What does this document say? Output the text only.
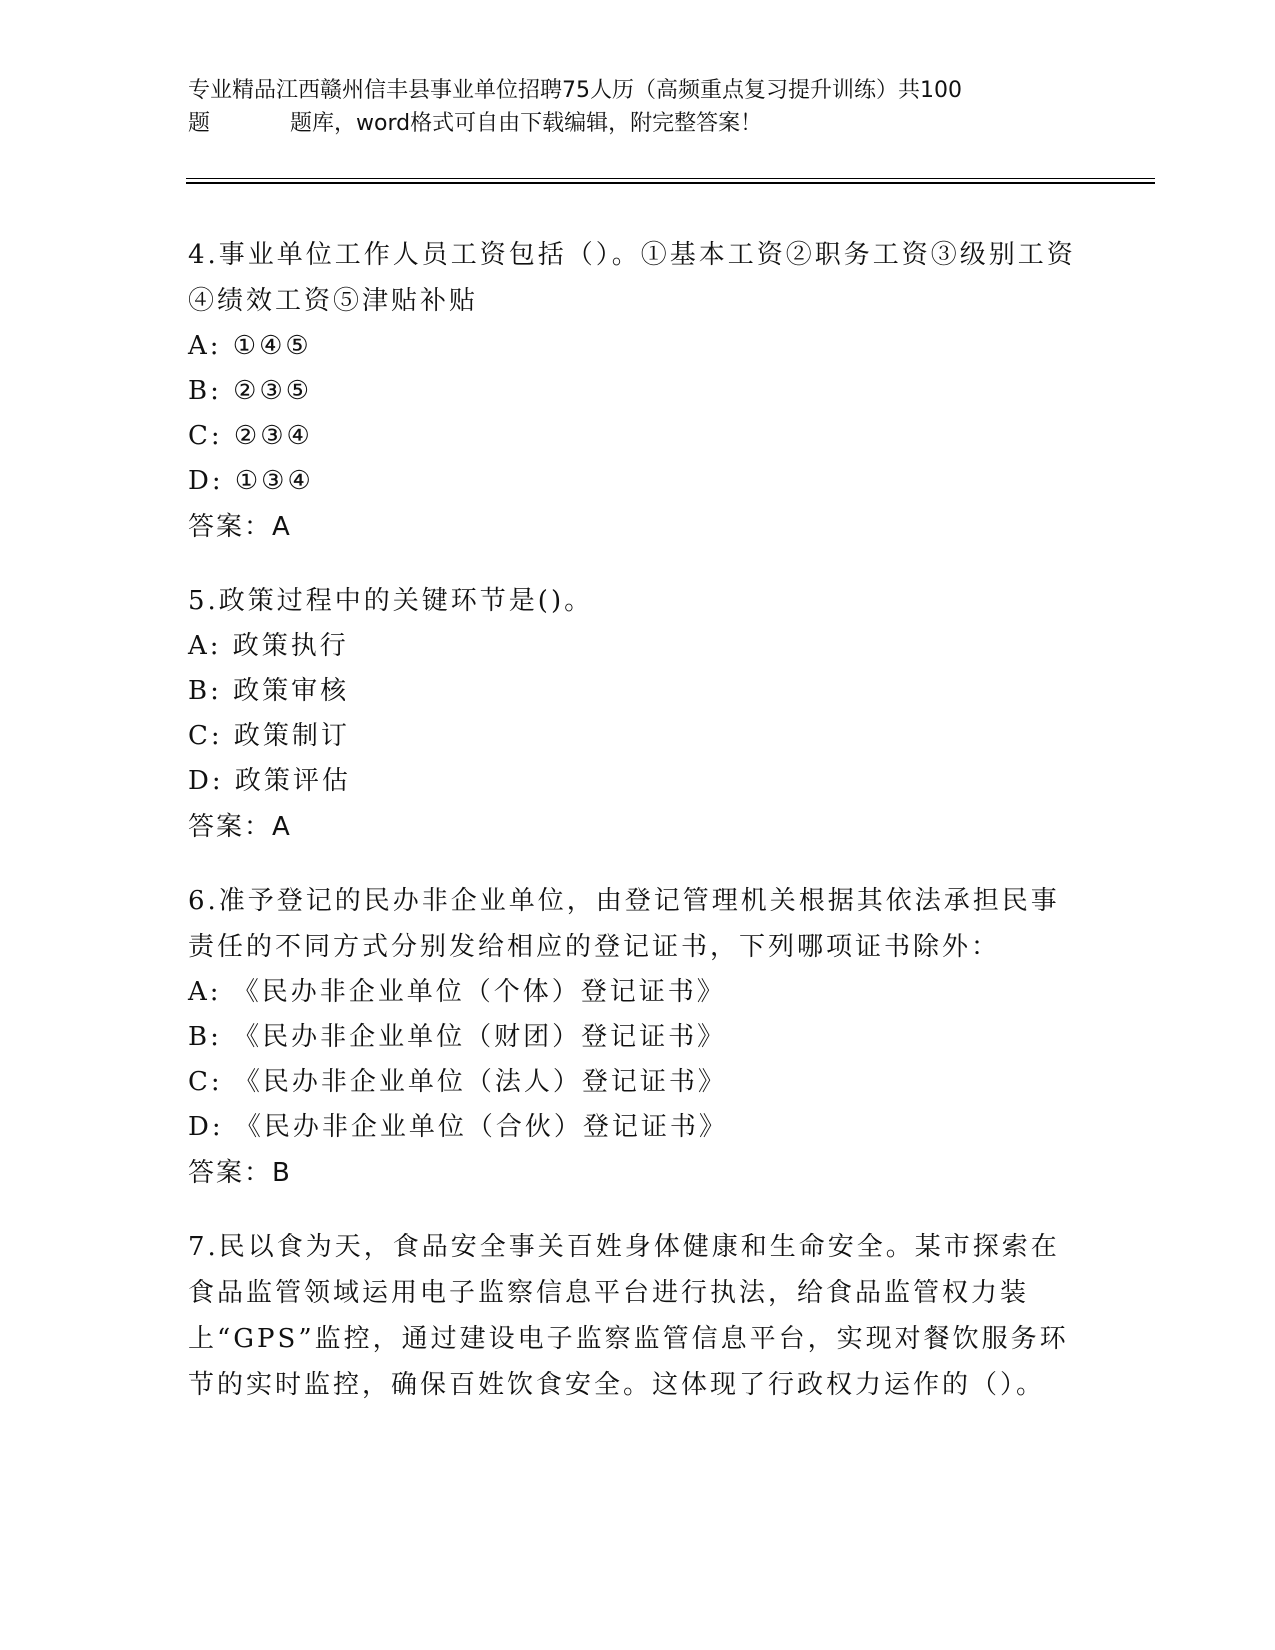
专业精品江西赣州信丰县事业单位招聘75人历（高频重点复习提升训练）共100
题	题库，word格式可自由下载编辑，附完整答案！

4.事业单位工作人员工资包括（）。①基本工资②职务工资③级别工资④绩效工资⑤津贴补贴

A: ①④⑤

B: ②③⑤

C: ②③④

D: ①③④

答案：A

5.政策过程中的关键环节是()。

A: 政策执行

B: 政策审核

C: 政策制订

D: 政策评估

答案：A

6.准予登记的民办非企业单位，由登记管理机关根据其依法承担民事责任的不同方式分别发给相应的登记证书，下列哪项证书除外：

A: 《民办非企业单位（个体）登记证书》

B: 《民办非企业单位（财团）登记证书》

C: 《民办非企业单位（法人）登记证书》

D: 《民办非企业单位（合伙）登记证书》

答案：B

7.民以食为天，食品安全事关百姓身体健康和生命安全。某市探索在食品监管领域运用电子监察信息平台进行执法，给食品监管权力装上“GPS”监控，通过建设电子监察监管信息平台，实现对餐饮服务环节的实时监控，确保百姓饮食安全。这体现了行政权力运作的（）。
